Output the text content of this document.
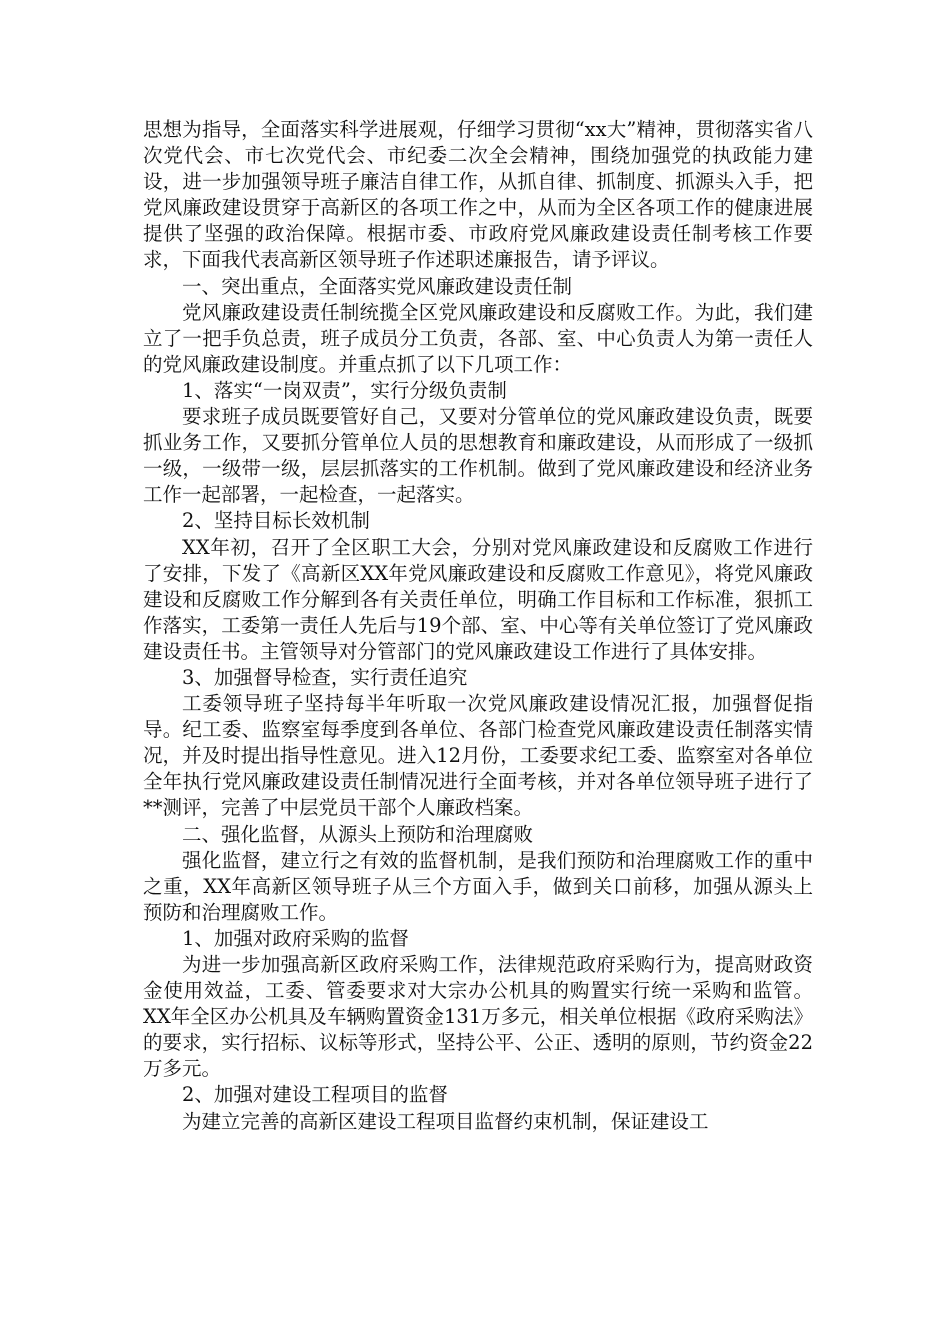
思想为指导，全面落实科学进展观，仔细学习贯彻“xx大”精神，贯彻落实省八次党代会、市七次党代会、市纪委二次全会精神，围绕加强党的执政能力建设，进一步加强领导班子廉洁自律工作，从抓自律、抓制度、抓源头入手，把党风廉政建设贯穿于高新区的各项工作之中，从而为全区各项工作的健康进展提供了坚强的政治保障。根据市委、市政府党风廉政建设责任制考核工作要求，下面我代表高新区领导班子作述职述廉报告，请予评议。

一、突出重点，全面落实党风廉政建设责任制

党风廉政建设责任制统揽全区党风廉政建设和反腐败工作。为此，我们建立了一把手负总责，班子成员分工负责，各部、室、中心负责人为第一责任人的党风廉政建设制度。并重点抓了以下几项工作：

1、落实“一岗双责”，实行分级负责制

要求班子成员既要管好自己，又要对分管单位的党风廉政建设负责，既要抓业务工作，又要抓分管单位人员的思想教育和廉政建设，从而形成了一级抓一级，一级带一级，层层抓落实的工作机制。做到了党风廉政建设和经济业务工作一起部署，一起检查，一起落实。

2、坚持目标长效机制

XX年初，召开了全区职工大会，分别对党风廉政建设和反腐败工作进行了安排，下发了《高新区XX年党风廉政建设和反腐败工作意见》，将党风廉政建设和反腐败工作分解到各有关责任单位，明确工作目标和工作标准，狠抓工作落实，工委第一责任人先后与19个部、室、中心等有关单位签订了党风廉政建设责任书。主管领导对分管部门的党风廉政建设工作进行了具体安排。

3、加强督导检查，实行责任追究

工委领导班子坚持每半年听取一次党风廉政建设情况汇报，加强督促指导。纪工委、监察室每季度到各单位、各部门检查党风廉政建设责任制落实情况，并及时提出指导性意见。进入12月份，工委要求纪工委、监察室对各单位全年执行党风廉政建设责任制情况进行全面考核，并对各单位领导班子进行了**测评，完善了中层党员干部个人廉政档案。

二、强化监督，从源头上预防和治理腐败

强化监督，建立行之有效的监督机制，是我们预防和治理腐败工作的重中之重，XX年高新区领导班子从三个方面入手，做到关口前移，加强从源头上预防和治理腐败工作。

1、加强对政府采购的监督

为进一步加强高新区政府采购工作，法律规范政府采购行为，提高财政资金使用效益，工委、管委要求对大宗办公机具的购置实行统一采购和监管。XX年全区办公机具及车辆购置资金131万多元，相关单位根据《政府采购法》的要求，实行招标、议标等形式，坚持公平、公正、透明的原则，节约资金22万多元。

2、加强对建设工程项目的监督

为建立完善的高新区建设工程项目监督约束机制，保证建设工
